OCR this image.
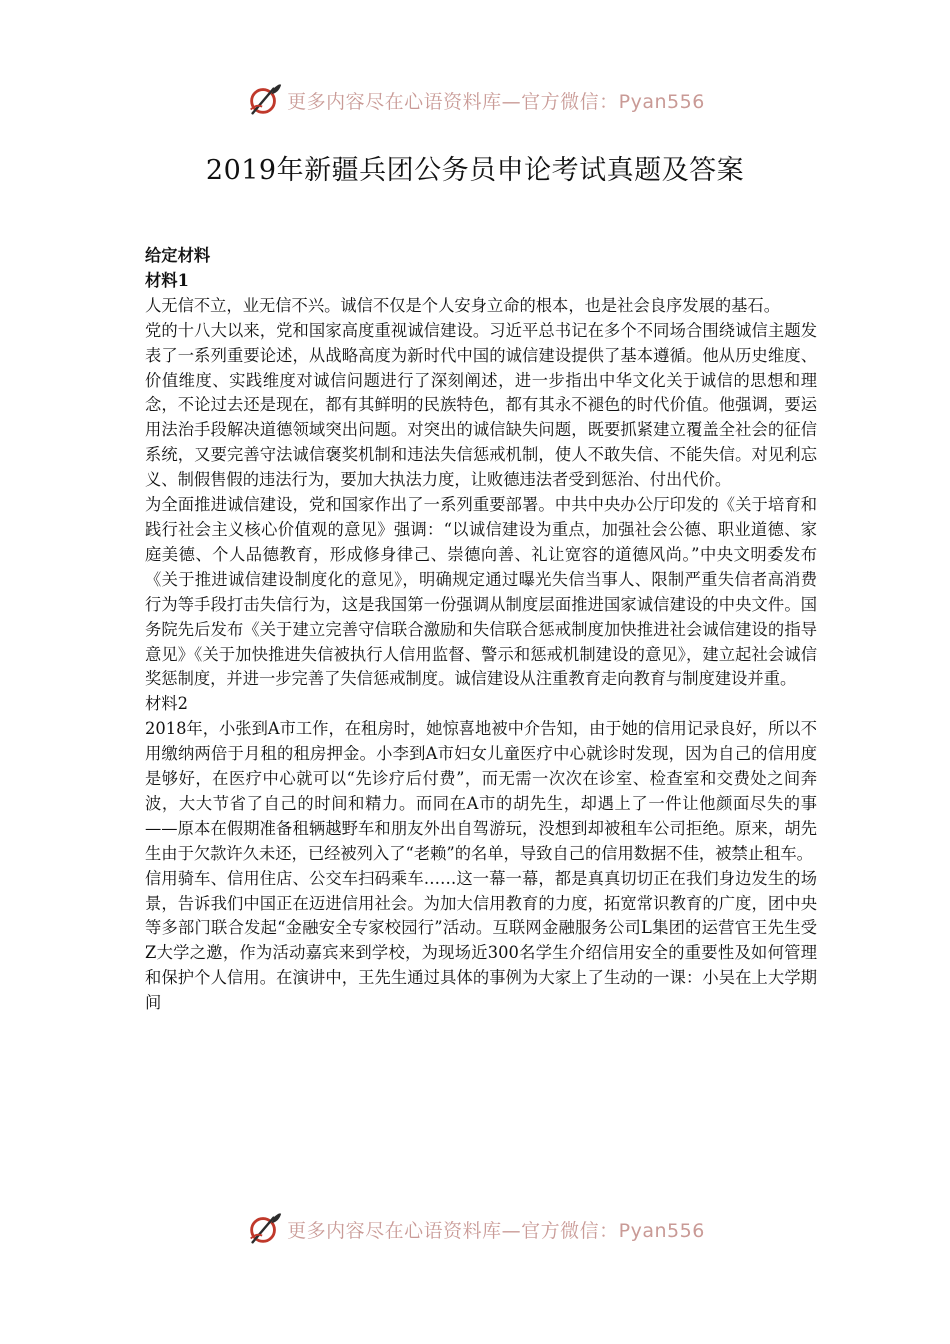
更多内容尽在心语资料库—官方微信：Pyan556
2019年新疆兵团公务员申论考试真题及答案

给定材料

材料1

人无信不立，业无信不兴。诚信不仅是个人安身立命的根本，也是社会良序发展的基石。

党的十八大以来，党和国家高度重视诚信建设。习近平总书记在多个不同场合围绕诚信主题发表了一系列重要论述，从战略高度为新时代中国的诚信建设提供了基本遵循。他从历史维度、价值维度、实践维度对诚信问题进行了深刻阐述，进一步指出中华文化关于诚信的思想和理念，不论过去还是现在，都有其鲜明的民族特色，都有其永不褪色的时代价值。他强调，要运用法治手段解决道德领域突出问题。对突出的诚信缺失问题，既要抓紧建立覆盖全社会的征信系统，又要完善守法诚信褒奖机制和违法失信惩戒机制，使人不敢失信、不能失信。对见利忘义、制假售假的违法行为，要加大执法力度，让败德违法者受到惩治、付出代价。

为全面推进诚信建设，党和国家作出了一系列重要部署。中共中央办公厅印发的《关于培育和践行社会主义核心价值观的意见》强调：“以诚信建设为重点，加强社会公德、职业道德、家庭美德、个人品德教育，形成修身律己、崇德向善、礼让宽容的道德风尚。”中央文明委发布《关于推进诚信建设制度化的意见》，明确规定通过曝光失信当事人、限制严重失信者高消费行为等手段打击失信行为，这是我国第一份强调从制度层面推进国家诚信建设的中央文件。国务院先后发布《关于建立完善守信联合激励和失信联合惩戒制度加快推进社会诚信建设的指导意见》《关于加快推进失信被执行人信用监督、警示和惩戒机制建设的意见》，建立起社会诚信奖惩制度，并进一步完善了失信惩戒制度。诚信建设从注重教育走向教育与制度建设并重。

材料2

2018年，小张到A市工作，在租房时，她惊喜地被中介告知，由于她的信用记录良好，所以不用缴纳两倍于月租的租房押金。小李到A市妇女儿童医疗中心就诊时发现，因为自己的信用度是够好，在医疗中心就可以“先诊疗后付费”，而无需一次次在诊室、检查室和交费处之间奔波，大大节省了自己的时间和精力。而同在A市的胡先生，却遇上了一件让他颜面尽失的事——原本在假期准备租辆越野车和朋友外出自驾游玩，没想到却被租车公司拒绝。原来，胡先生由于欠款许久未还，已经被列入了“老赖”的名单，导致自己的信用数据不佳，被禁止租车。

信用骑车、信用住店、公交车扫码乘车……这一幕一幕，都是真真切切正在我们身边发生的场景，告诉我们中国正在迈进信用社会。为加大信用教育的力度，拓宽常识教育的广度，团中央等多部门联合发起“金融安全专家校园行”活动。互联网金融服务公司L集团的运营官王先生受Z大学之邀，作为活动嘉宾来到学校，为现场近300名学生介绍信用安全的重要性及如何管理和保护个人信用。在演讲中，王先生通过具体的事例为大家上了生动的一课：小吴在上大学期间

更多内容尽在心语资料库—官方微信：Pyan556
